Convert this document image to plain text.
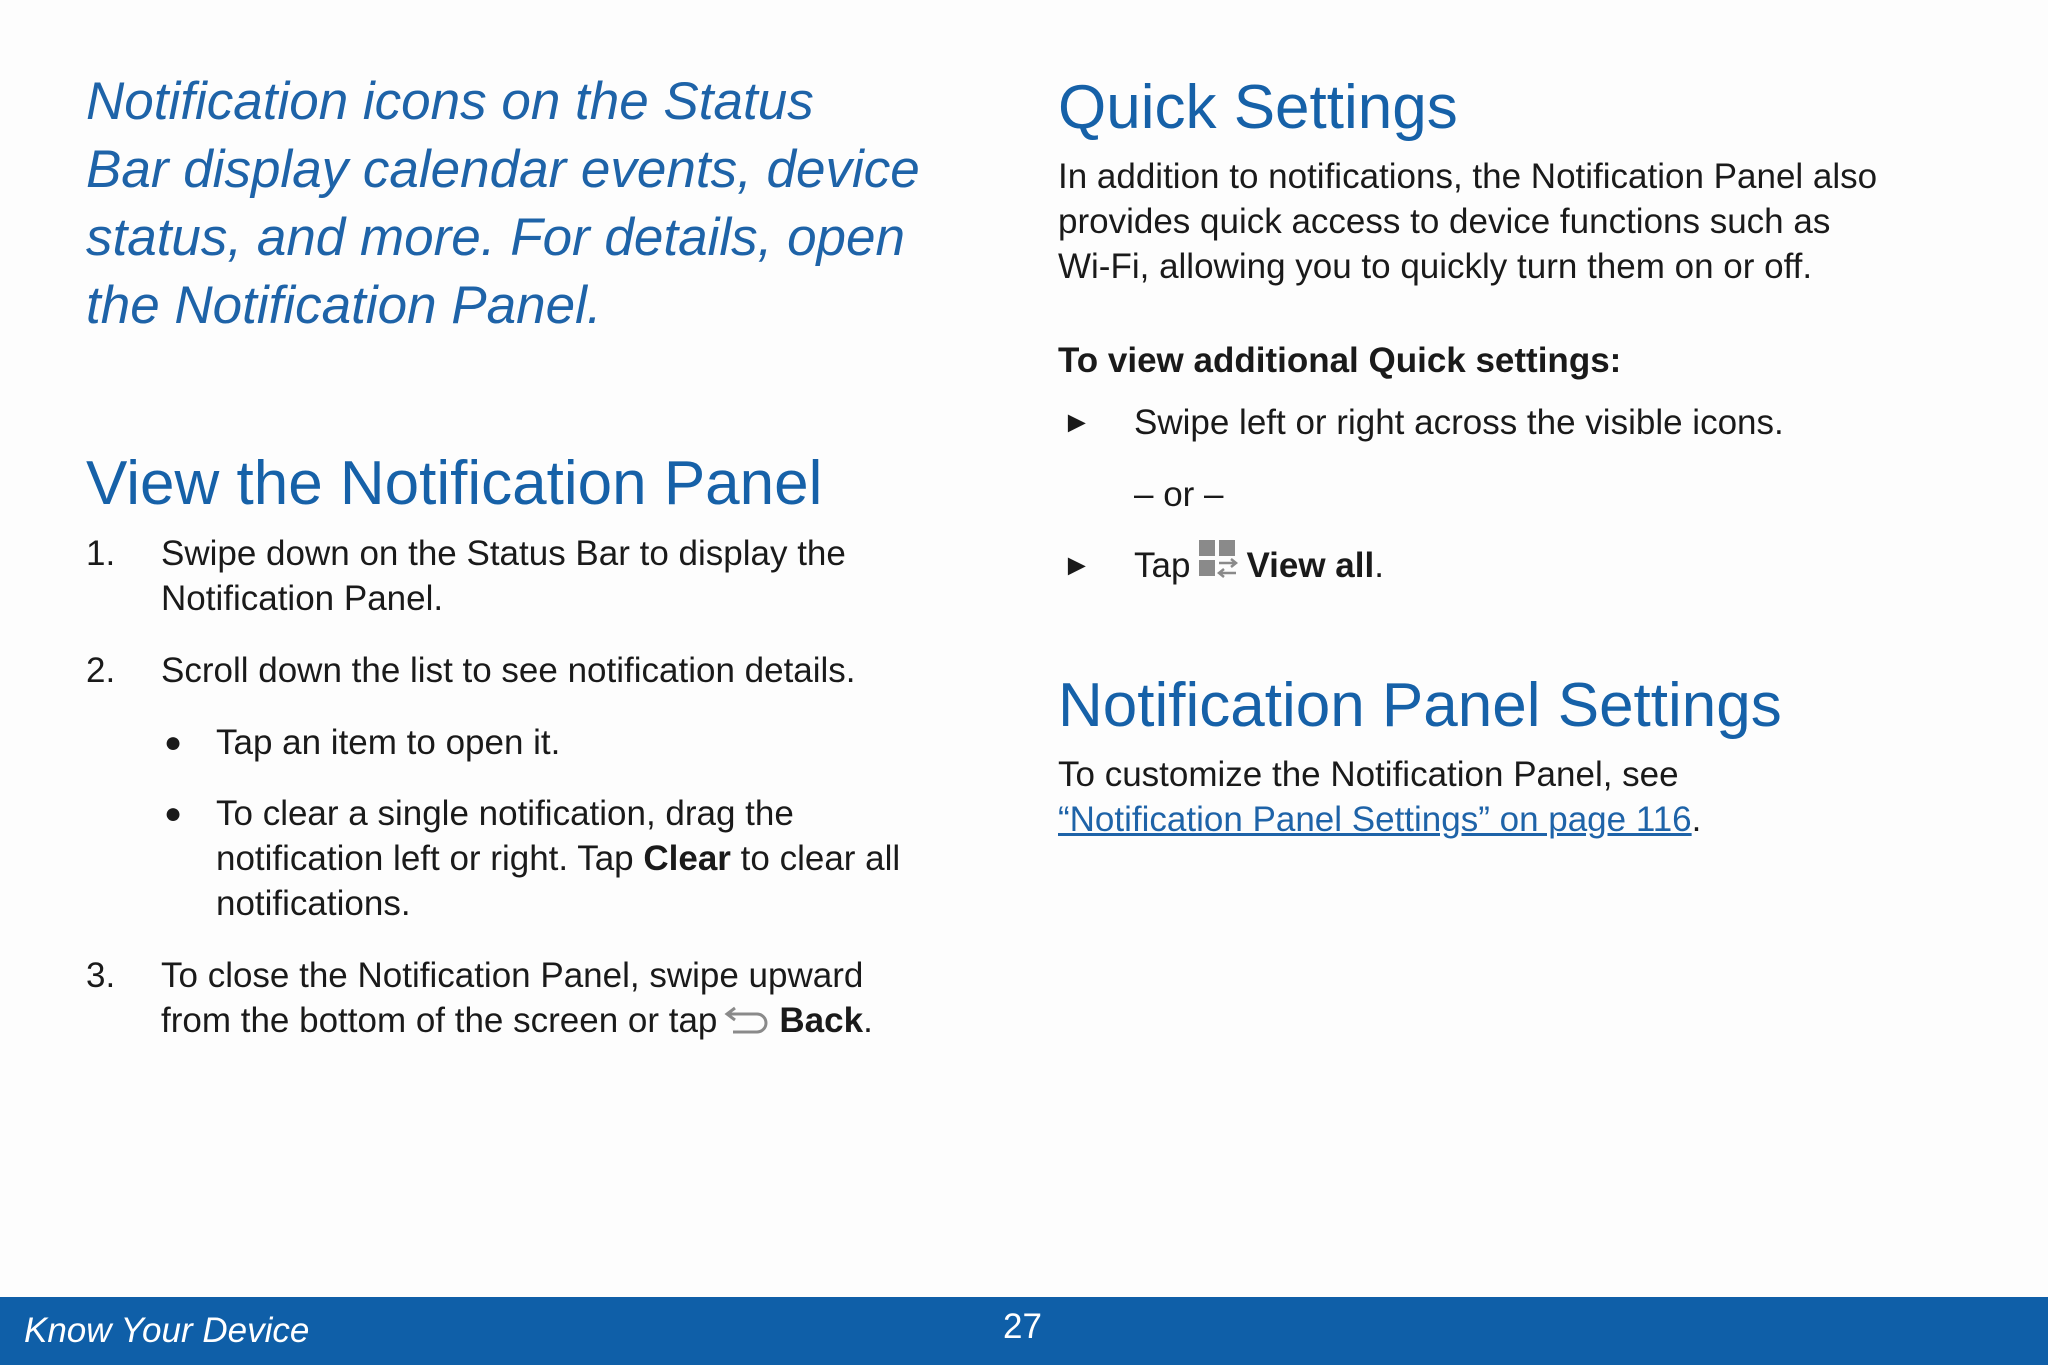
Notification icons on the Status
Bar display calendar events, device
status, and more. For details, open
the Notification Panel.
View the Notification Panel
1.	Swipe down on the Status Bar to display the
Notification Panel.
2.	Scroll down the list to see notification details.
● Tap an item to open it.
● To clear a single notification, drag the
notification left or right. Tap Clear to clear all
notifications.
3.	To close the Notification Panel, swipe upward
from the bottom of the screen or tap Back.
Quick Settings
In addition to notifications, the Notification Panel also
provides quick access to device functions such as
Wi-Fi, allowing you to quickly turn them on or off.
To view additional Quick settings:
► Swipe left or right across the visible icons.
– or –
► Tap View all.
Notification Panel Settings
To customize the Notification Panel, see
“Notification Panel Settings” on page 116.
Know Your Device	27
